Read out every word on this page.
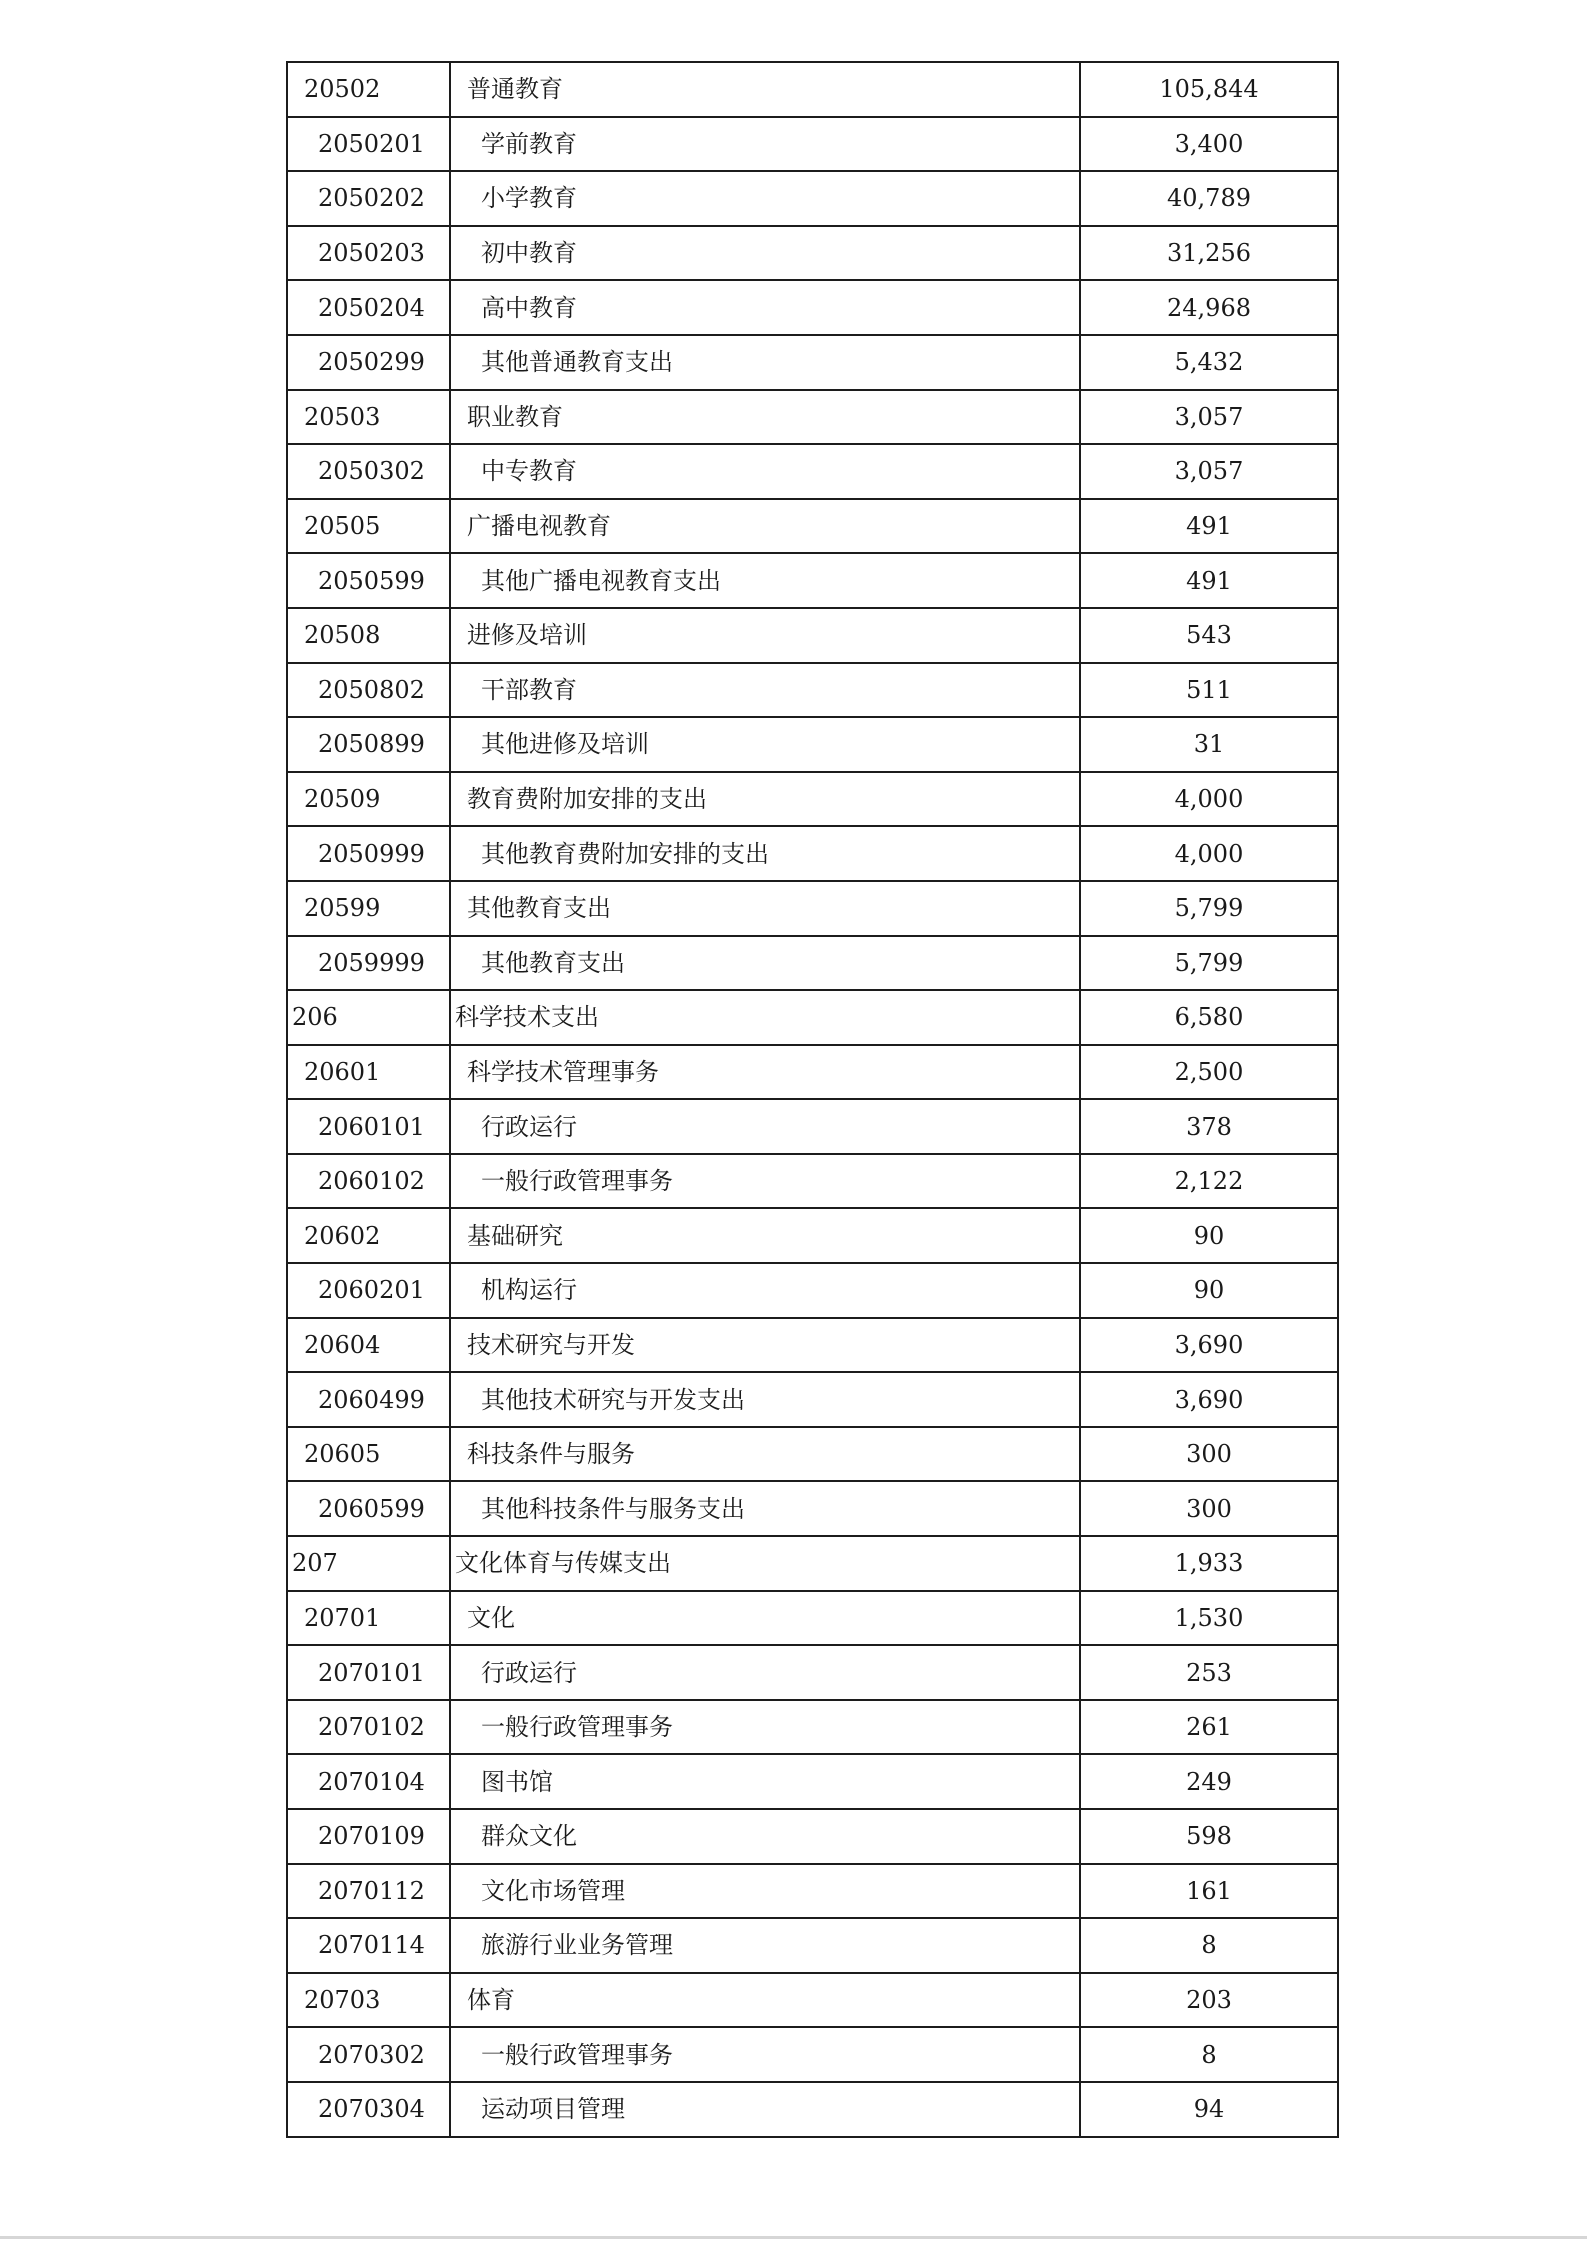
20502	普通教育	105,844
2050201	学前教育	3,400
2050202	小学教育	40,789
2050203	初中教育	31,256
2050204	高中教育	24,968
2050299	其他普通教育支出	5,432
20503	职业教育	3,057
2050302	中专教育	3,057
20505	广播电视教育	491
2050599	其他广播电视教育支出	491
20508	进修及培训	543
2050802	干部教育	511
2050899	其他进修及培训	31
20509	教育费附加安排的支出	4,000
2050999	其他教育费附加安排的支出	4,000
20599	其他教育支出	5,799
2059999	其他教育支出	5,799
206	科学技术支出	6,580
20601	科学技术管理事务	2,500
2060101	行政运行	378
2060102	一般行政管理事务	2,122
20602	基础研究	90
2060201	机构运行	90
20604	技术研究与开发	3,690
2060499	其他技术研究与开发支出	3,690
20605	科技条件与服务	300
2060599	其他科技条件与服务支出	300
207	文化体育与传媒支出	1,933
20701	文化	1,530
2070101	行政运行	253
2070102	一般行政管理事务	261
2070104	图书馆	249
2070109	群众文化	598
2070112	文化市场管理	161
2070114	旅游行业业务管理	8
20703	体育	203
2070302	一般行政管理事务	8
2070304	运动项目管理	94
